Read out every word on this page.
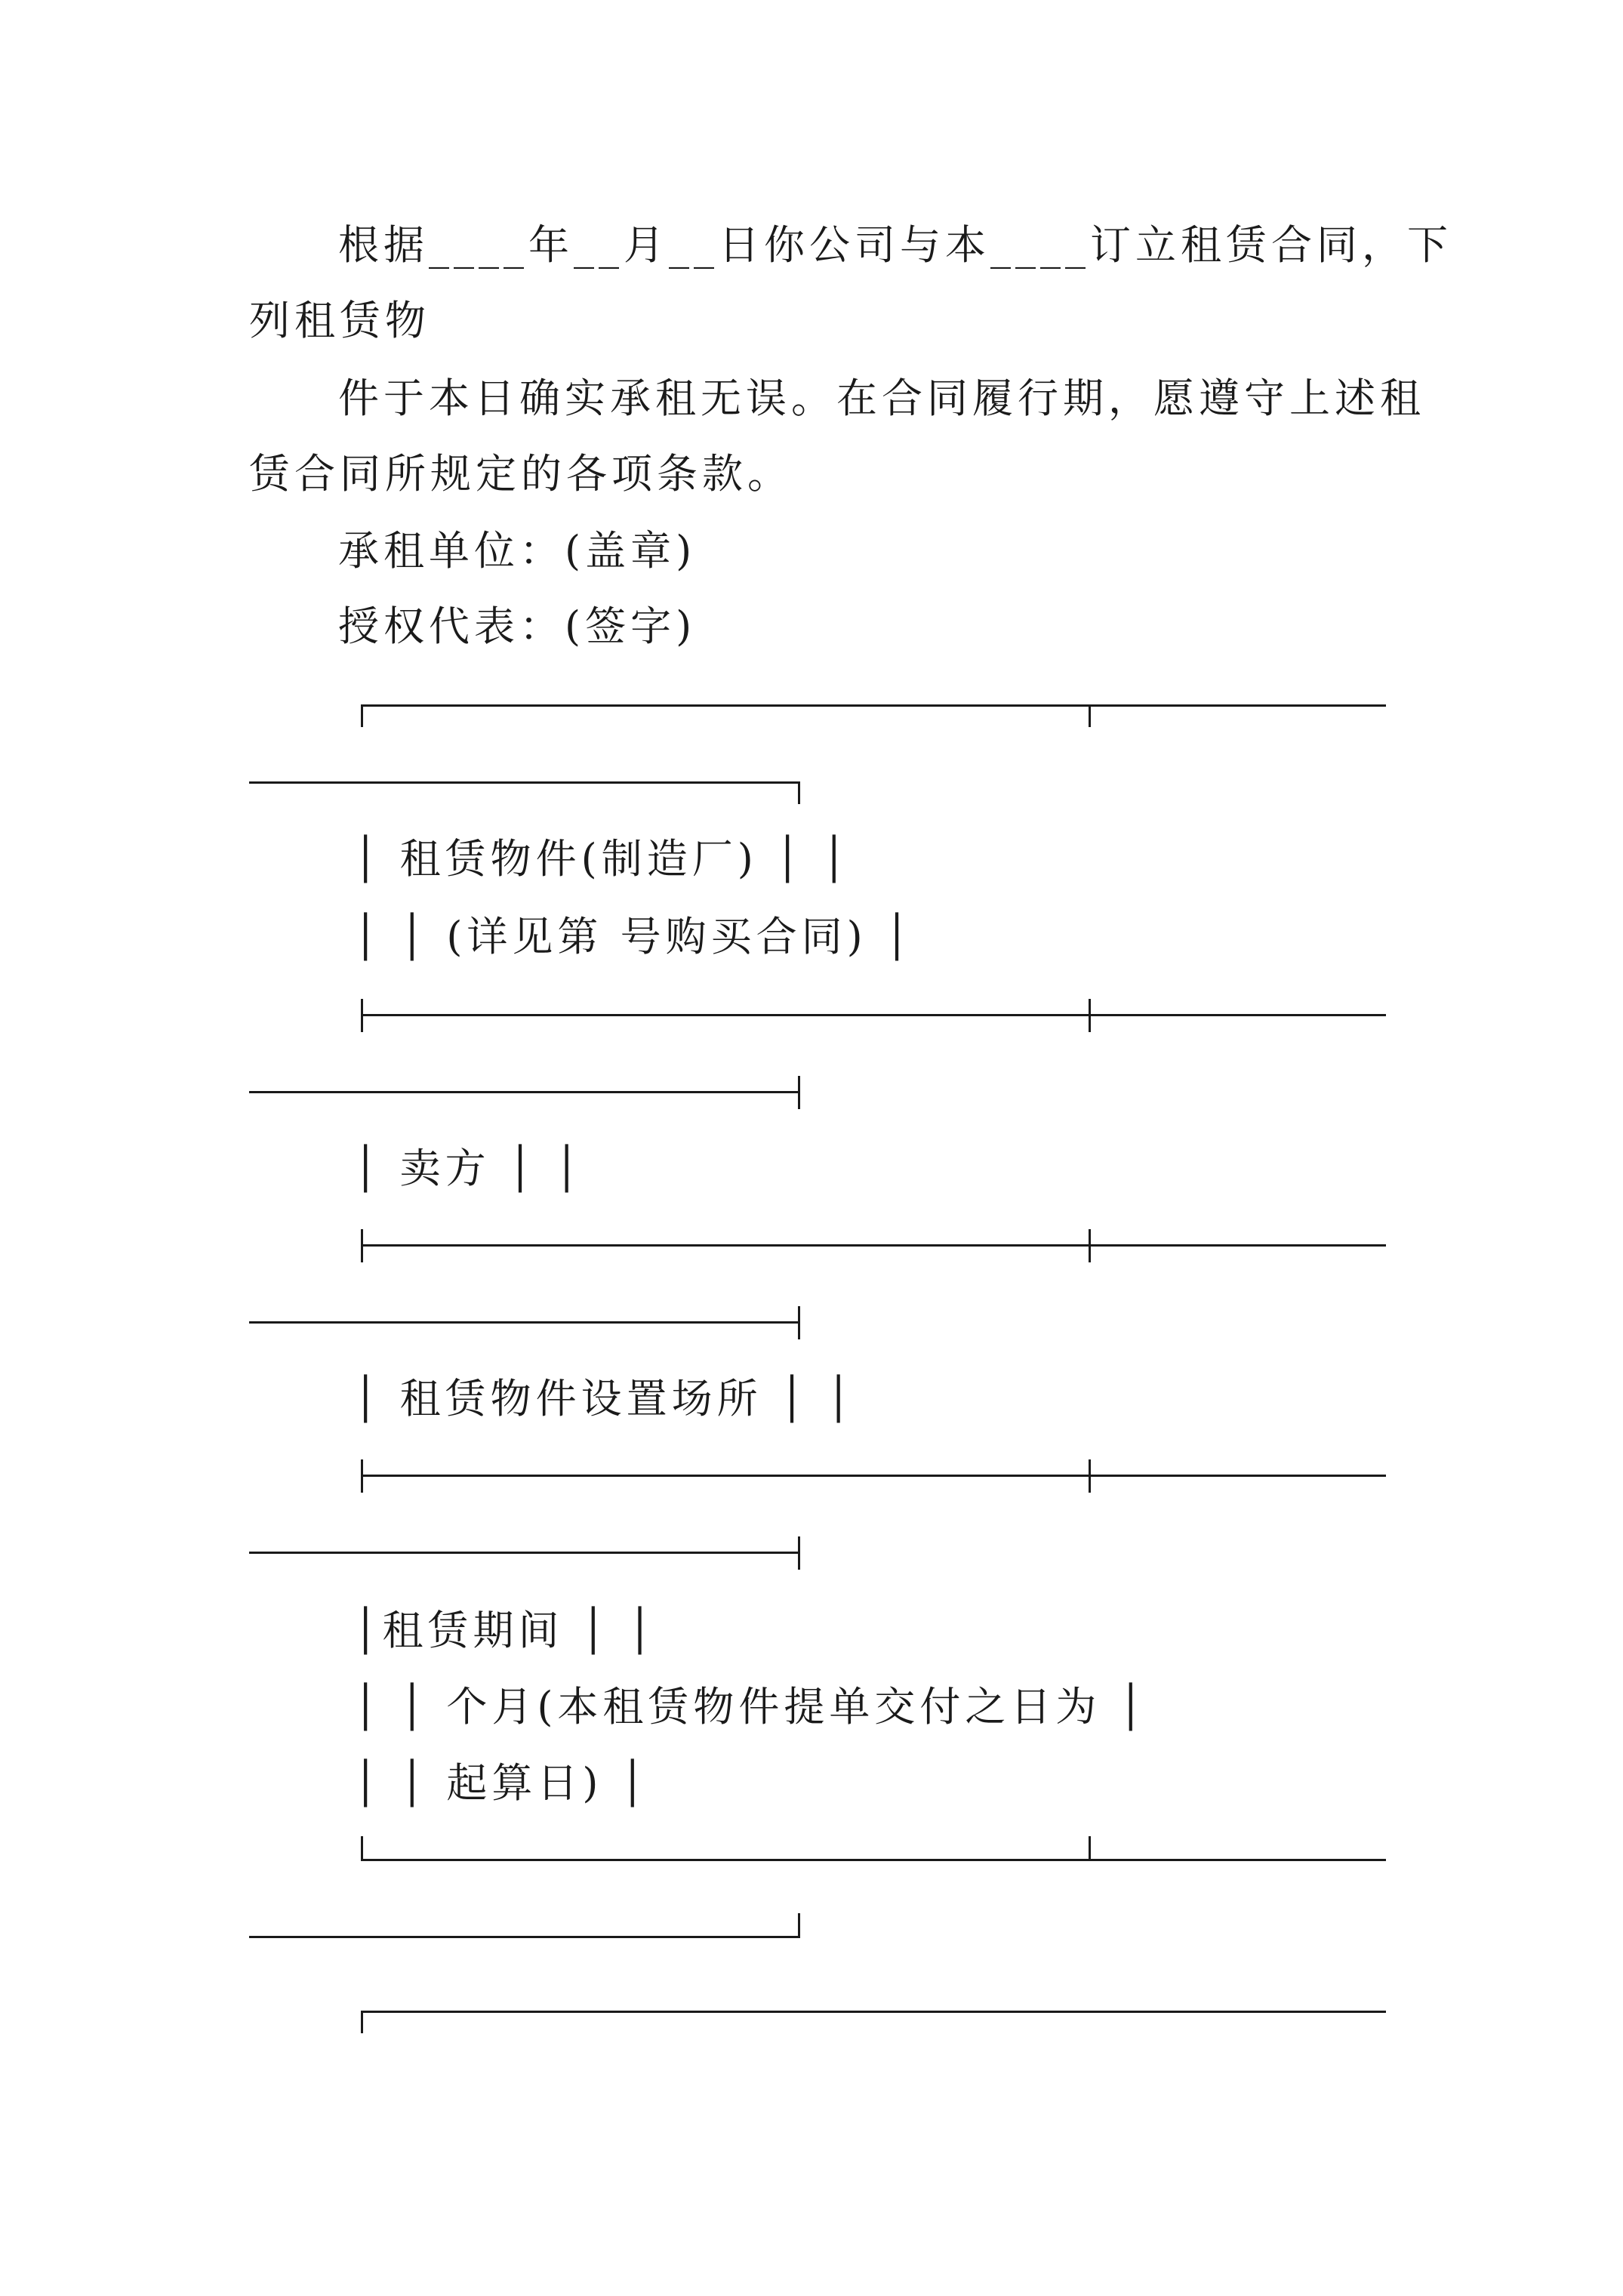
根据____年__月__日你公司与本____订立租赁合同，下
列租赁物
件于本日确实承租无误。在合同履行期，愿遵守上述租
赁合同所规定的各项条款。
承租单位：(盖章)
授权代表：(签字)
│ 租赁物件(制造厂) │ │
│ │ (详见第 号购买合同) │
│ 卖方 │ │
│ 租赁物件设置场所 │ │
│租赁期间 │ │
│ │ 个月(本租赁物件提单交付之日为 │
│ │ 起算日) │
